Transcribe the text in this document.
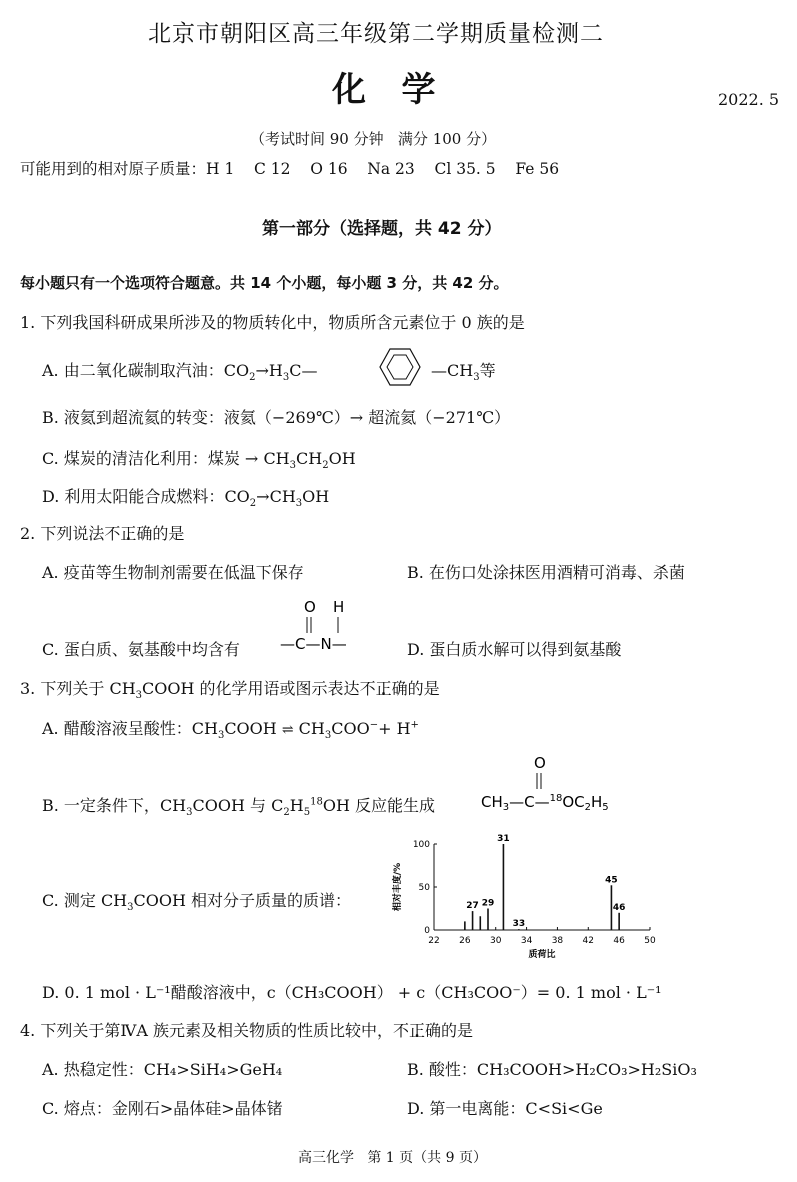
北京市朝阳区高三年级第二学期质量检测二
化   学	2022. 5
（考试时间 90 分钟   满分 100 分）
可能用到的相对原子质量：H 1    C 12    O 16    Na 23    Cl 35. 5    Fe 56
第一部分（选择题，共 42 分）
每小题只有一个选项符合题意。共 14 个小题，每小题 3 分，共 42 分。
1. 下列我国科研成果所涉及的物质转化中，物质所含元素位于 0 族的是
A. 由二氧化碳制取汽油：$CO_2\to H_3C—$	$—CH_3$等
B. 液氦到超流氦的转变：液氦（−269℃）→ 超流氦（−271℃）
C. 煤炭的清洁化利用：煤炭 → $CH_3CH_2OH$
D. 利用太阳能合成燃料：$CO_2\to CH_3OH$
2. 下列说法不正确的是
A. 疫苗等生物制剂需要在低温下保存	B. 在伤口处涂抹医用酒精可消毒、杀菌
C. 蛋白质、氨基酸中均含有
O H
—C—N—	D. 蛋白质水解可以得到氨基酸
3. 下列关于 $CH_3COOH$ 的化学用语或图示表达不正确的是
A. 醋酸溶液呈酸性：$CH_3COOH$ ⇌ $CH_3COO^-+ H^+$
B. 一定条件下，$CH_3COOH$ 与 $C_2H_5^{18}OH$ 反应能生成
O
$CH_3—C—^{18}OC_2H_5$
C. 测定 $CH_3COOH$ 相对分子质量的质谱：
22 26 30 34 38 42 46 50
0
50
100
27 29
31
33
45
46
质荷比
相对丰度/%
D. 0. 1 mol · L⁻¹醋酸溶液中，c（CH₃COOH） + c（CH₃COO⁻）= 0. 1 mol · L⁻¹
4. 下列关于第ⅣA 族元素及相关物质的性质比较中，不正确的是
A. 热稳定性：CH₄>SiH₄>GeH₄	B. 酸性：CH₃COOH>H₂CO₃>H₂SiO₃
C. 熔点：金刚石>晶体硅>晶体锗	D. 第一电离能：C<Si<Ge
高三化学   第 1 页（共 9 页）
